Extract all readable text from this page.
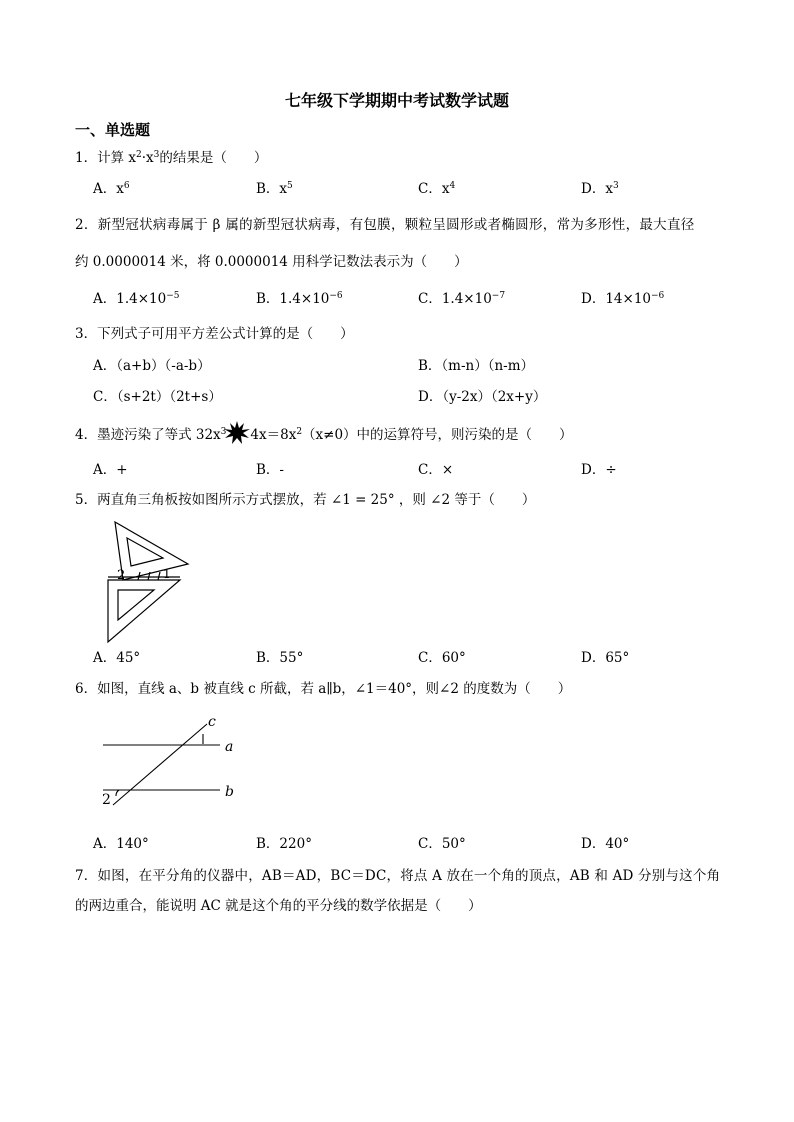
七年级下学期期中考试数学试题
一、单选题
1．计算 $x^2\cdot x^3$的结果是（　　）
A．$x^6$	B．$x^5$	C．$x^4$	D．$x^3$
2．新型冠状病毒属于 β 属的新型冠状病毒，有包膜，颗粒呈圆形或者椭圆形，常为多形性，最大直径
约 0.0000014 米，将 0.0000014 用科学记数法表示为（　　）
A．$1.4\times 10^{-5}$	B．$1.4\times 10^{-6}$	C．$1.4\times 10^{-7}$	D．$14\times 10^{-6}$
3．下列式子可用平方差公式计算的是（　　）
A．（a+b）（-a-b）	B．（m-n）（n-m）
C．（s+2t）（2t+s）	D．（y-2x）（2x+y）
4．墨迹污染了等式 $32x^3$ $4x=8x^2(x\ne 0)$中的运算符号，则污染的是（　　）
A．+	B．-	C．×	D．÷
5．两直角三角板按如图所示方式摆放，若 ∠1 = 25° ，则 ∠2 等于（　　）
2	1
A．45°	B．55°	C．60°	D．65°
6．如图，直线 a、b 被直线 c 所截，若 a∥b，∠1＝40°，则∠2 的度数为（　　）
c
a
b
1
2
A．140°	B．220°	C．50°	D．40°
7．如图，在平分角的仪器中，AB＝AD，BC＝DC，将点 A 放在一个角的顶点，AB 和 AD 分别与这个角
的两边重合，能说明 AC 就是这个角的平分线的数学依据是（　　）
